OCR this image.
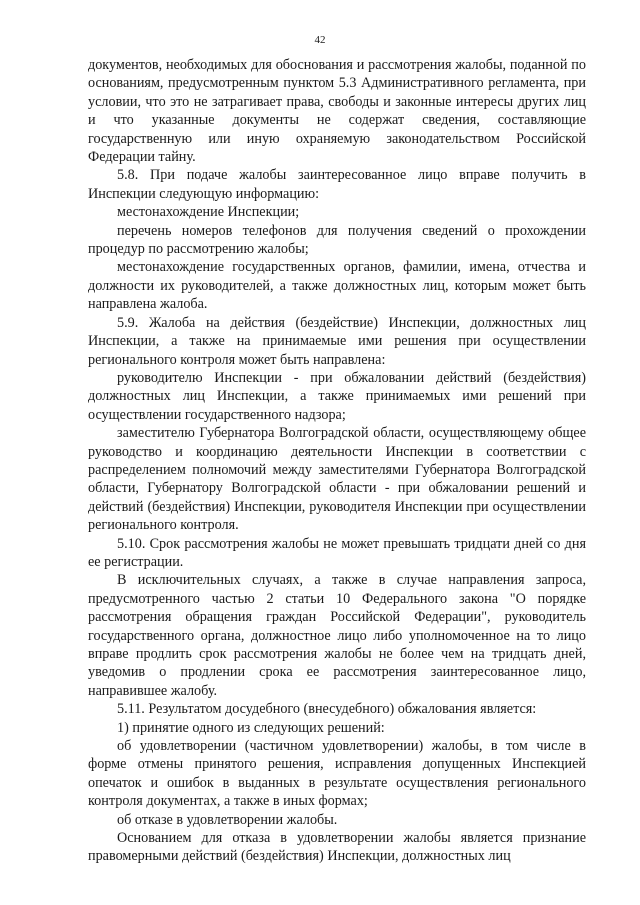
42

документов, необходимых для обоснования и рассмотрения жалобы, поданной по основаниям, предусмотренным пунктом 5.3 Административного регламента, при условии, что это не затрагивает права, свободы и законные интересы других лиц и что указанные документы не содержат сведения, составляющие государственную или иную охраняемую законодательством Российской Федерации тайну.

5.8. При подаче жалобы заинтересованное лицо вправе получить в Инспекции следующую информацию:

местонахождение Инспекции;

перечень номеров телефонов для получения сведений о прохождении процедур по рассмотрению жалобы;

местонахождение государственных органов, фамилии, имена, отчества и должности их руководителей, а также должностных лиц, которым может быть направлена жалоба.

5.9. Жалоба на действия (бездействие) Инспекции, должностных лиц Инспекции, а также на принимаемые ими решения при осуществлении регионального контроля может быть направлена:

руководителю Инспекции - при обжаловании действий (бездействия) должностных лиц Инспекции, а также принимаемых ими решений при осуществлении государственного надзора;

заместителю Губернатора Волгоградской области, осуществляющему общее руководство и координацию деятельности Инспекции в соответствии с распределением полномочий между заместителями Губернатора Волгоградской области, Губернатору Волгоградской области - при обжаловании решений и действий (бездействия) Инспекции, руководителя Инспекции при осуществлении регионального контроля.

5.10. Срок рассмотрения жалобы не может превышать тридцати дней со дня ее регистрации.

В исключительных случаях, а также в случае направления запроса, предусмотренного частью 2 статьи 10 Федерального закона "О порядке рассмотрения обращения граждан Российской Федерации", руководитель государственного органа, должностное лицо либо уполномоченное на то лицо вправе продлить срок рассмотрения жалобы не более чем на тридцать дней, уведомив о продлении срока ее рассмотрения заинтересованное лицо, направившее жалобу.

5.11. Результатом досудебного (внесудебного) обжалования является:

1) принятие одного из следующих решений:

об удовлетворении (частичном удовлетворении) жалобы, в том числе в форме отмены принятого решения, исправления допущенных Инспекцией опечаток и ошибок в выданных в результате осуществления регионального контроля документах, а также в иных формах;

об отказе в удовлетворении жалобы.

Основанием для отказа в удовлетворении жалобы является признание правомерными действий (бездействия) Инспекции, должностных лиц
